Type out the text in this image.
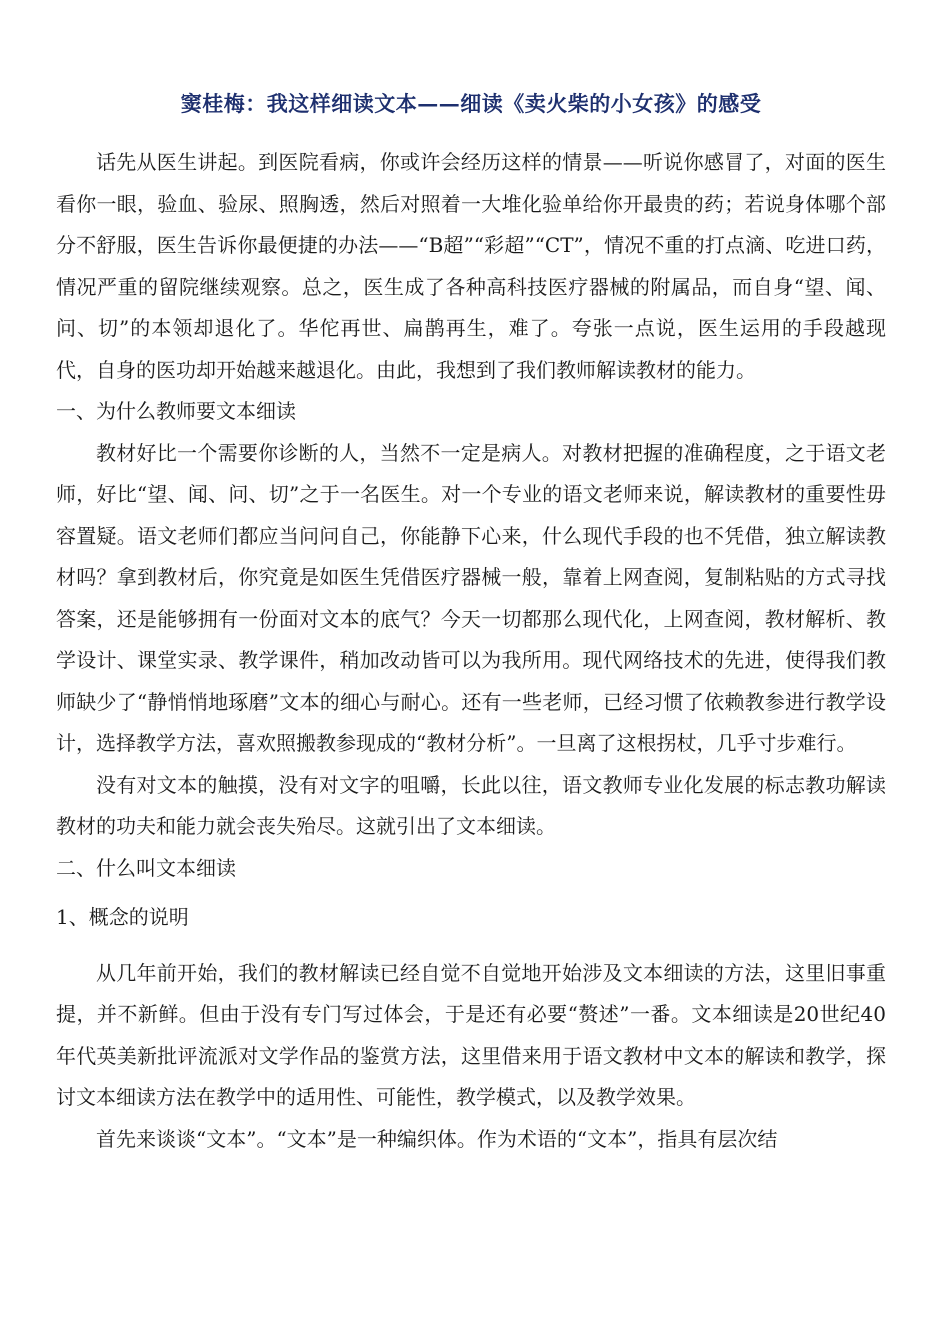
窦桂梅：我这样细读文本——细读《卖火柴的小女孩》的感受

话先从医生讲起。到医院看病，你或许会经历这样的情景——听说你感冒了，对面的医生看你一眼，验血、验尿、照胸透，然后对照着一大堆化验单给你开最贵的药；若说身体哪个部分不舒服，医生告诉你最便捷的办法——“B超”“彩超”“CT”，情况不重的打点滴、吃进口药，情况严重的留院继续观察。总之，医生成了各种高科技医疗器械的附属品，而自身“望、闻、问、切”的本领却退化了。华佗再世、扁鹊再生，难了。夸张一点说，医生运用的手段越现代，自身的医功却开始越来越退化。由此，我想到了我们教师解读教材的能力。

一、为什么教师要文本细读

教材好比一个需要你诊断的人，当然不一定是病人。对教材把握的准确程度，之于语文老师，好比“望、闻、问、切”之于一名医生。对一个专业的语文老师来说，解读教材的重要性毋容置疑。语文老师们都应当问问自己，你能静下心来，什么现代手段的也不凭借，独立解读教材吗？拿到教材后，你究竟是如医生凭借医疗器械一般，靠着上网查阅，复制粘贴的方式寻找答案，还是能够拥有一份面对文本的底气？今天一切都那么现代化，上网查阅，教材解析、教学设计、课堂实录、教学课件，稍加改动皆可以为我所用。现代网络技术的先进，使得我们教师缺少了“静悄悄地琢磨”文本的细心与耐心。还有一些老师，已经习惯了依赖教参进行教学设计，选择教学方法，喜欢照搬教参现成的“教材分析”。一旦离了这根拐杖，几乎寸步难行。

没有对文本的触摸，没有对文字的咀嚼，长此以往，语文教师专业化发展的标志教功解读教材的功夫和能力就会丧失殆尽。这就引出了文本细读。

二、什么叫文本细读

1、概念的说明

从几年前开始，我们的教材解读已经自觉不自觉地开始涉及文本细读的方法，这里旧事重提，并不新鲜。但由于没有专门写过体会，于是还有必要“赘述”一番。文本细读是20世纪40年代英美新批评流派对文学作品的鉴赏方法，这里借来用于语文教材中文本的解读和教学，探讨文本细读方法在教学中的适用性、可能性，教学模式，以及教学效果。

首先来谈谈“文本”。“文本”是一种编织体。作为术语的“文本”，指具有层次结
